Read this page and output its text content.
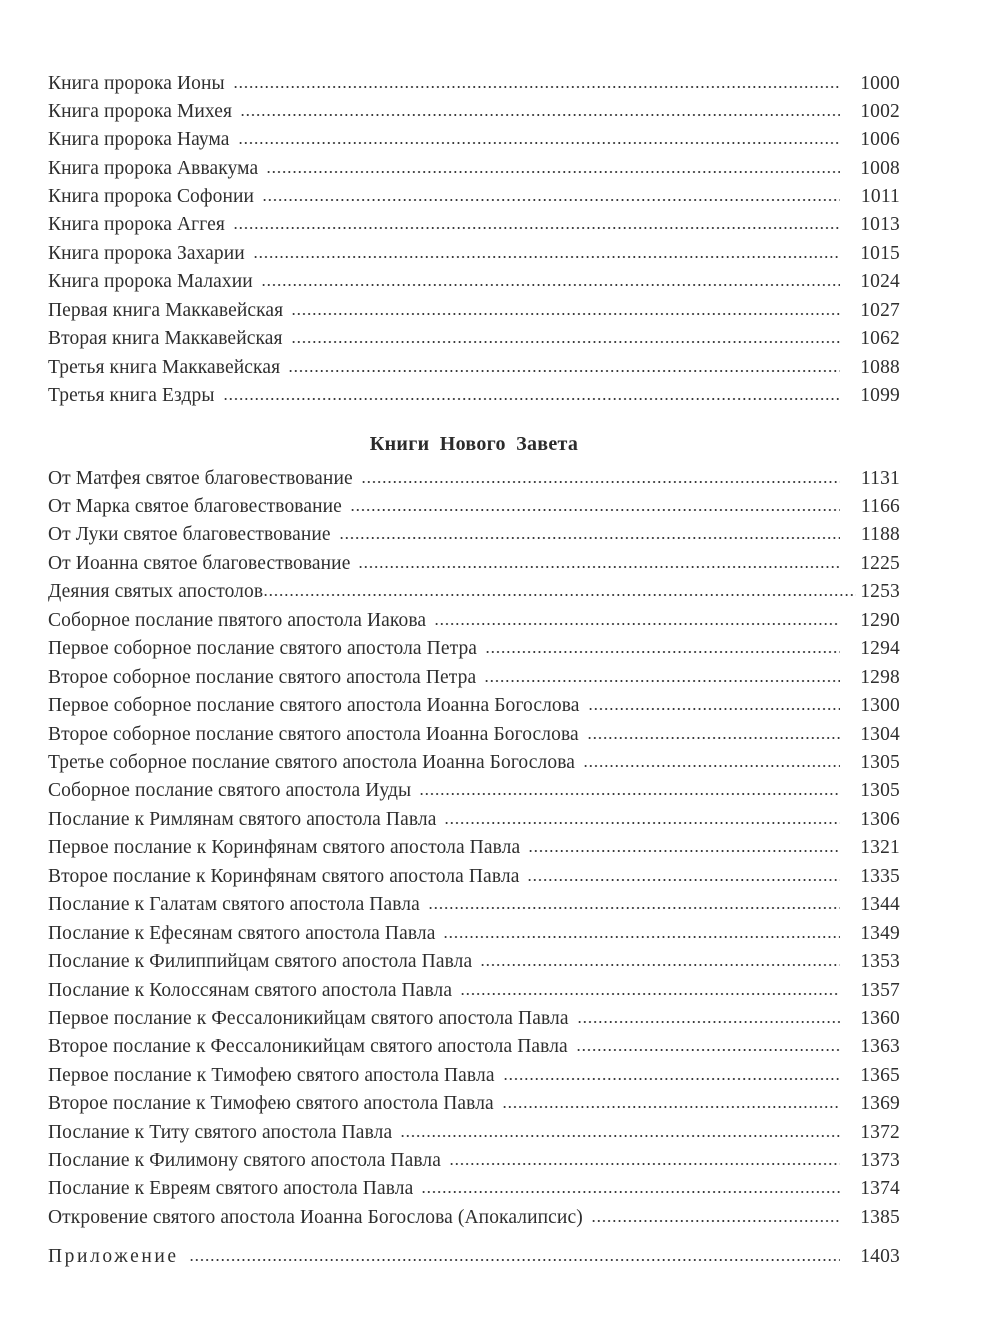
Книга пророка Ионы	1000
Книга пророка Михея	1002
Книга пророка Наума	1006
Книга пророка Аввакума	1008
Книга пророка Софонии	1011
Книга пророка Аггея	1013
Книга пророка Захарии	1015
Книга пророка Малахии	1024
Первая книга Маккавейская	1027
Вторая книга Маккавейская	1062
Третья книга Маккавейская	1088
Третья книга Ездры	1099
Книги Нового Завета
От Матфея святое благовествование	1131
От Марка святое благовествование	1166
От Луки святое благовествование	1188
От Иоанна святое благовествование	1225
Деяния святых апостолов	1253
Соборное послание пвятого апостола Иакова	1290
Первое соборное послание святого апостола Петра	1294
Второе соборное послание святого апостола Петра	1298
Первое соборное послание святого апостола Иоанна Богослова	1300
Второе соборное послание святого апостола Иоанна Богослова	1304
Третье соборное послание святого апостола Иоанна Богослова	1305
Соборное послание святого апостола Иуды	1305
Послание к Римлянам святого апостола Павла	1306
Первое послание к Коринфянам святого апостола Павла	1321
Второе послание к Коринфянам святого апостола Павла	1335
Послание к Галатам святого апостола Павла	1344
Послание к Ефесянам святого апостола Павла	1349
Послание к Филиппийцам святого апостола Павла	1353
Послание к Колоссянам святого апостола Павла	1357
Первое послание к Фессалоникийцам святого апостола Павла	1360
Второе послание к Фессалоникийцам святого апостола Павла	1363
Первое послание к Тимофею святого апостола Павла	1365
Второе послание к Тимофею святого апостола Павла	1369
Послание к Титу святого апостола Павла	1372
Послание к Филимону святого апостола Павла	1373
Послание к Евреям святого апостола Павла	1374
Откровение святого апостола Иоанна Богослова (Апокалипсис)	1385
Приложение	1403
